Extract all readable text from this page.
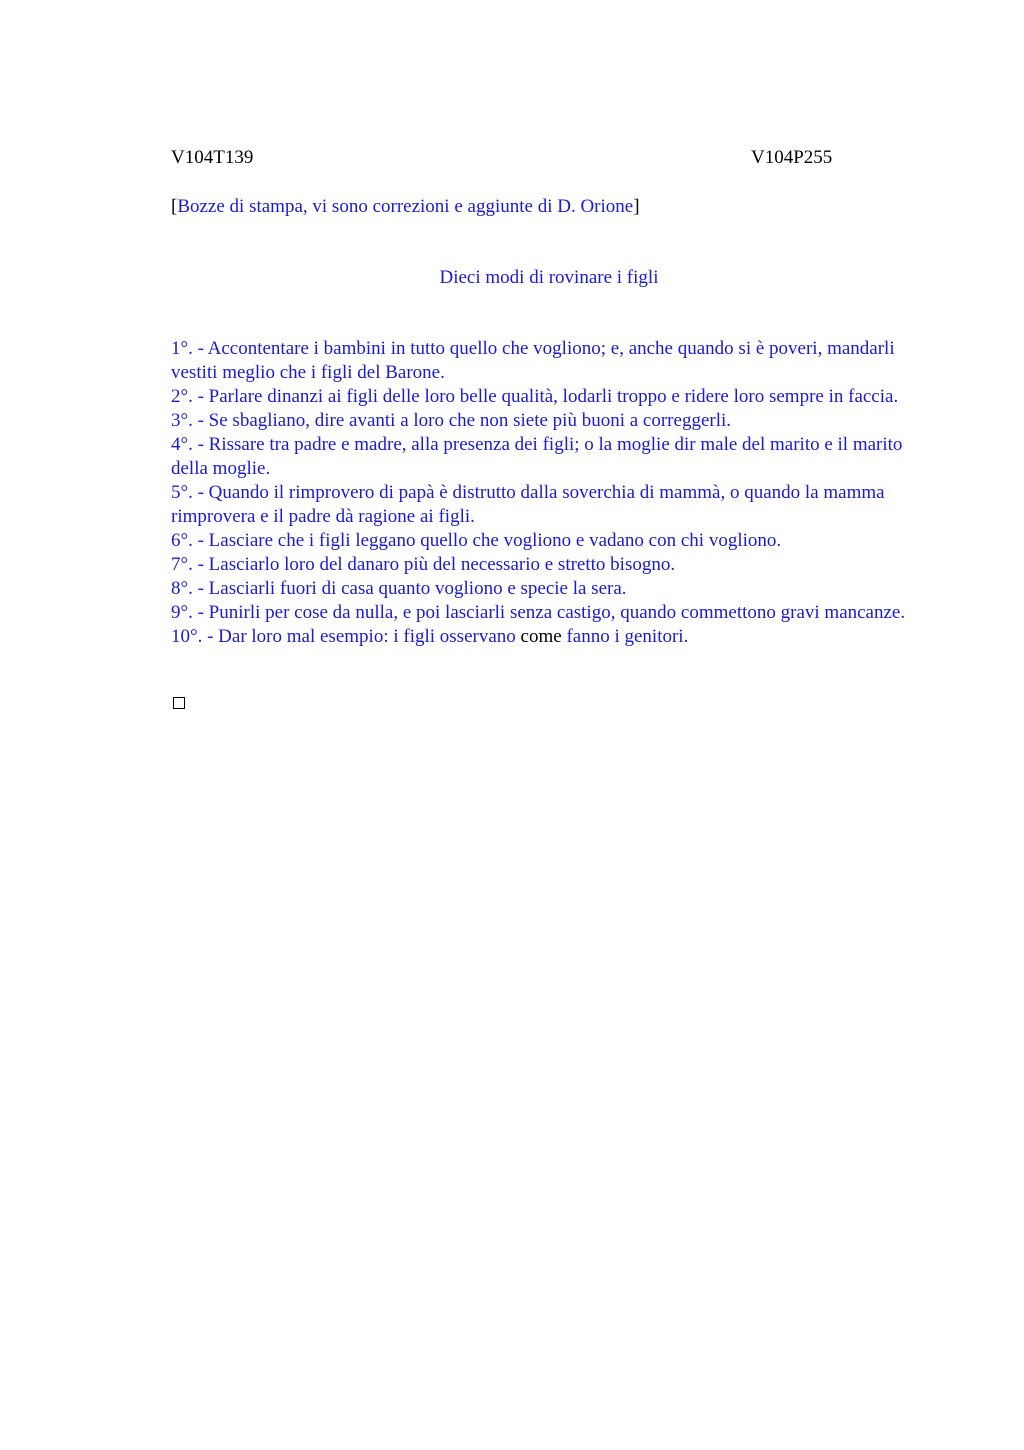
V104T139	V104P255
[Bozze di stampa, vi sono correzioni e aggiunte di D. Orione]
Dieci modi di rovinare i figli
1°. - Accontentare i bambini in tutto quello che vogliono; e, anche quando si è poveri, mandarli vestiti meglio che i figli del Barone.
2°. - Parlare dinanzi ai figli delle loro belle qualità, lodarli troppo e ridere loro sempre in faccia.
3°. - Se sbagliano, dire avanti a loro che non siete più buoni a correggerli.
4°. - Rissare tra padre e madre, alla presenza dei figli; o la moglie dir male del marito e il marito della moglie.
5°. - Quando il rimprovero di papà è distrutto dalla soverchia di mammà, o quando la mamma rimprovera e il padre dà ragione ai figli.
6°. - Lasciare che i figli leggano quello che vogliono e vadano con chi vogliono.
7°. - Lasciarlo loro del danaro più del necessario e stretto bisogno.
8°. - Lasciarli fuori di casa quanto vogliono e specie la sera.
9°. - Punirli per cose da nulla, e poi lasciarli senza castigo, quando commettono gravi mancanze.
10°. - Dar loro mal esempio: i figli osservano come fanno i genitori.
